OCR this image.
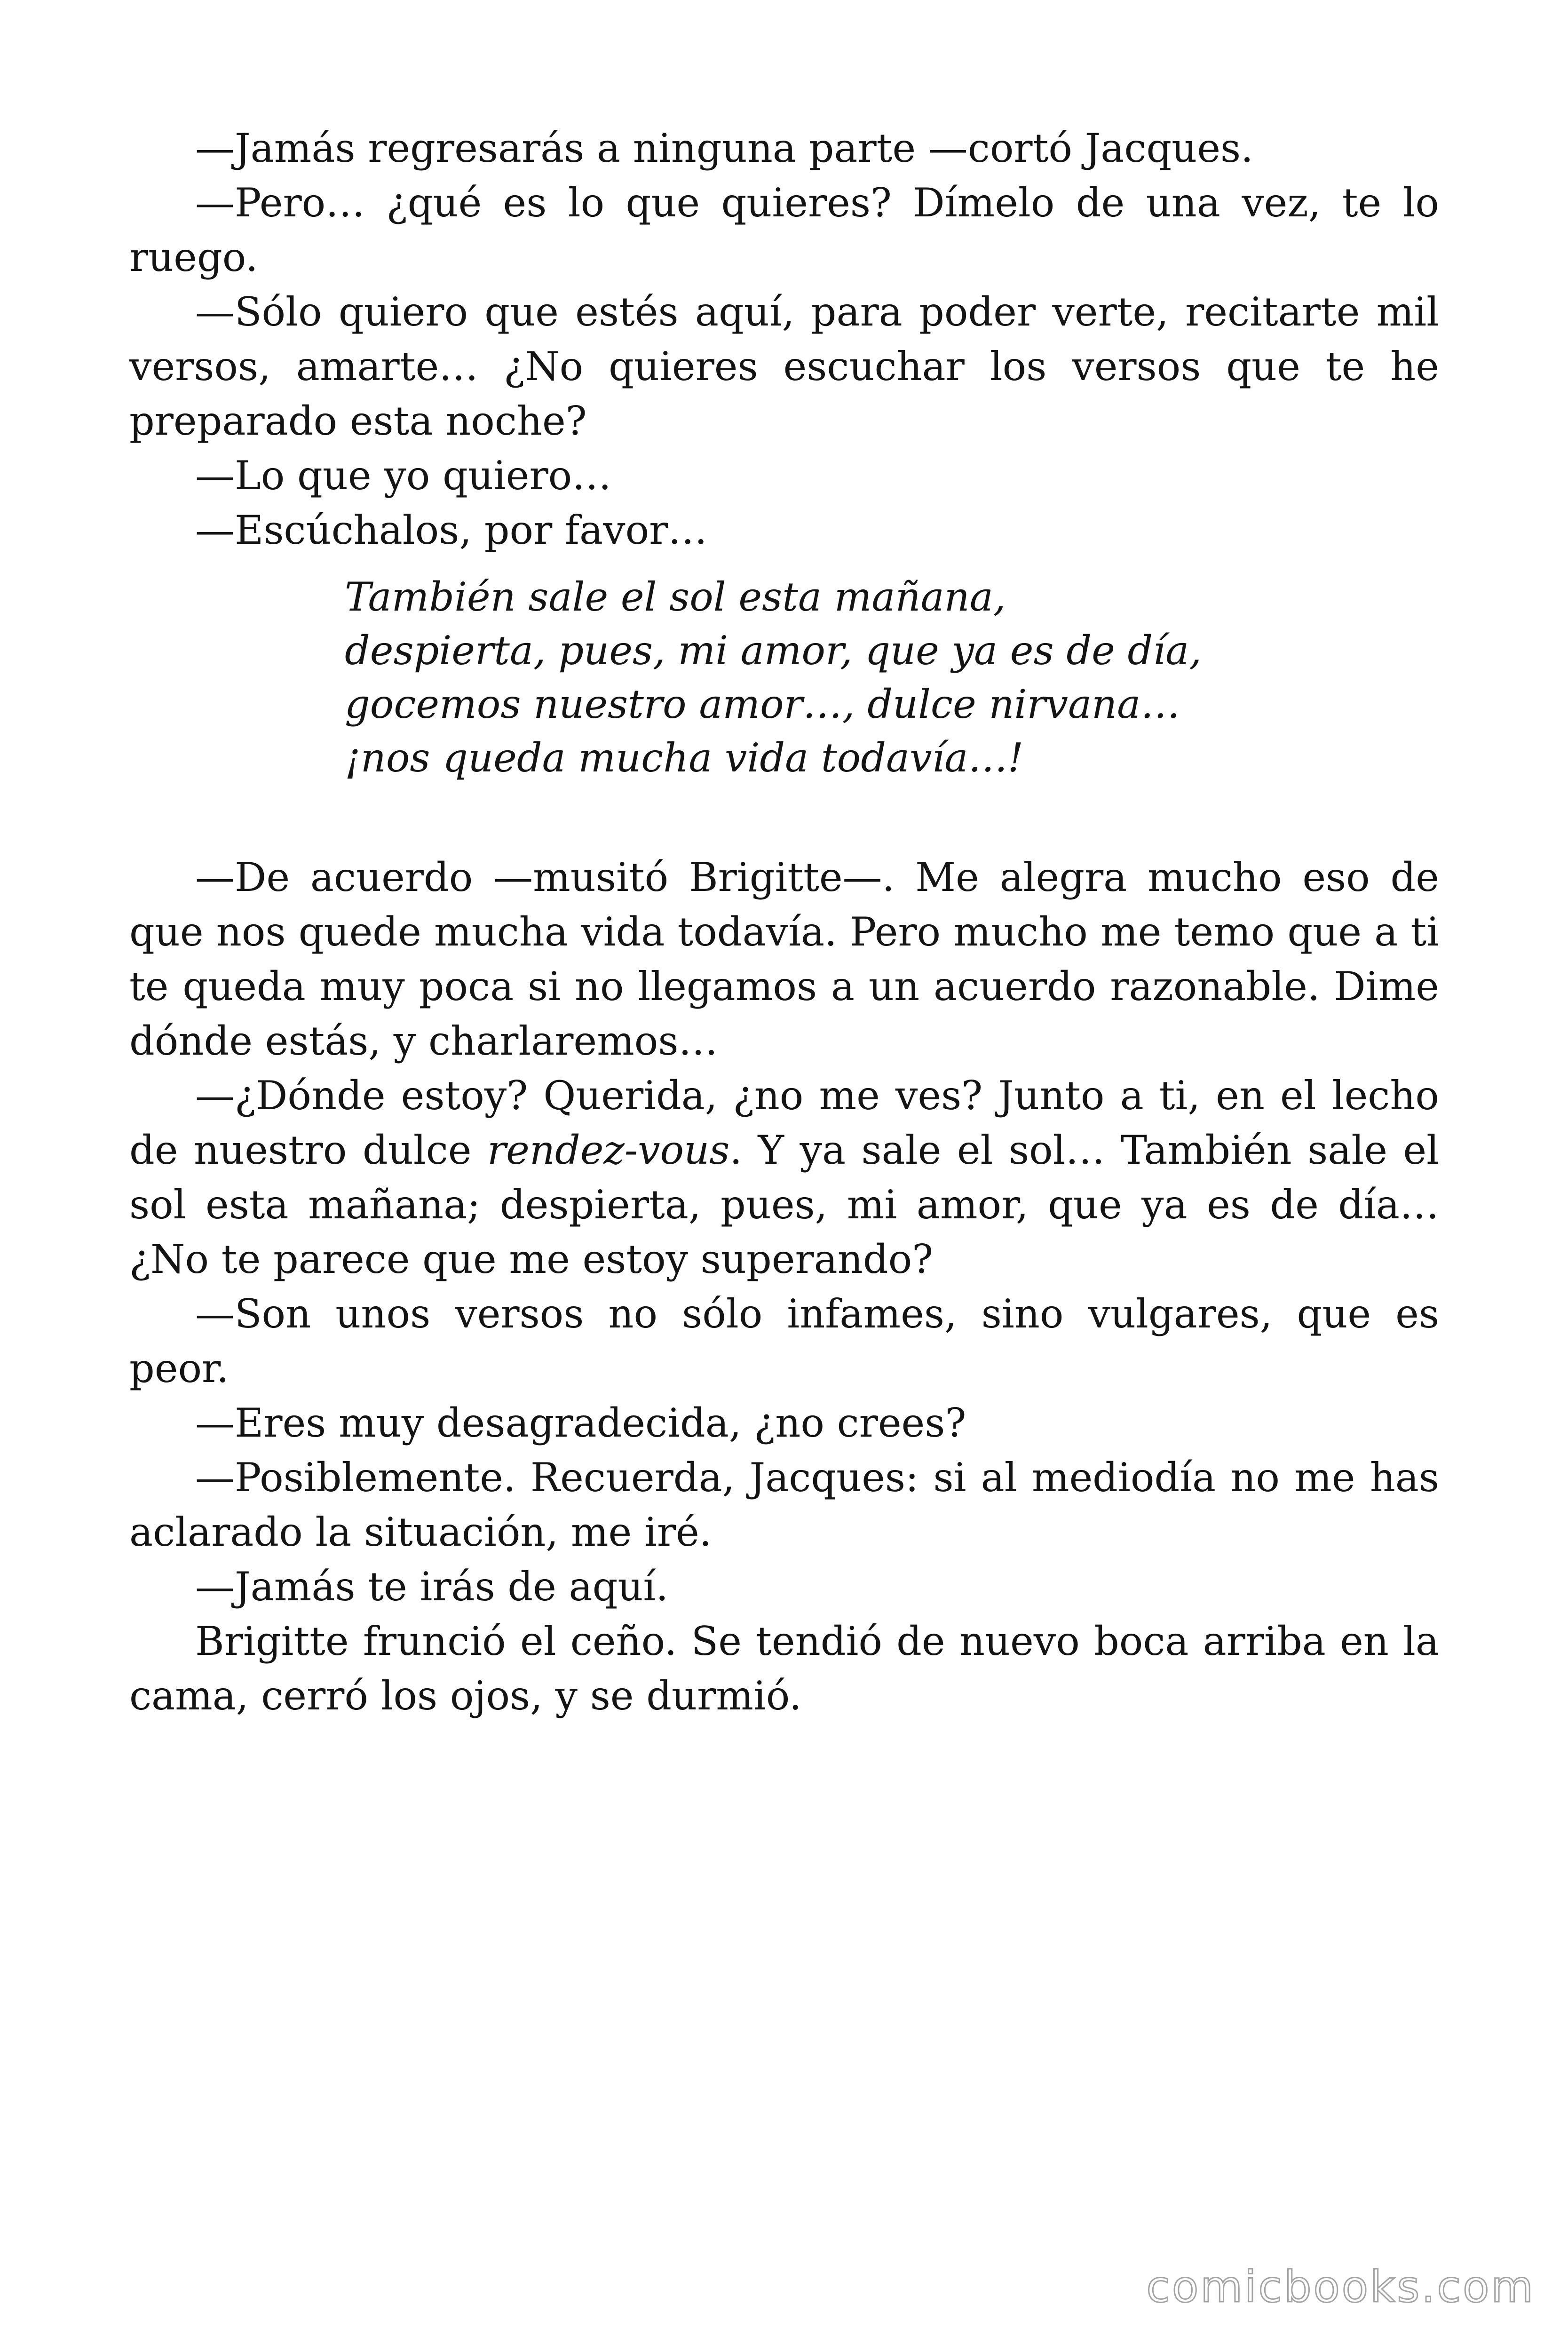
—Jamás regresarás a ninguna parte —cortó Jacques.

—Pero… ¿qué es lo que quieres? Dímelo de una vez, te lo ruego.

—Sólo quiero que estés aquí, para poder verte, recitarte mil versos, amarte… ¿No quieres escuchar los versos que te he preparado esta noche?

—Lo que yo quiero…

—Escúchalos, por favor…

También sale el sol esta mañana,
despierta, pues, mi amor, que ya es de día,
gocemos nuestro amor…, dulce nirvana…
¡nos queda mucha vida todavía…!

—De acuerdo —musitó Brigitte—. Me alegra mucho eso de que nos quede mucha vida todavía. Pero mucho me temo que a ti te queda muy poca si no llegamos a un acuerdo razonable. Dime dónde estás, y charlaremos…

—¿Dónde estoy? Querida, ¿no me ves? Junto a ti, en el lecho de nuestro dulce rendez-vous. Y ya sale el sol… También sale el sol esta mañana; despierta, pues, mi amor, que ya es de día… ¿No te parece que me estoy superando?

—Son unos versos no sólo infames, sino vulgares, que es peor.

—Eres muy desagradecida, ¿no crees?

—Posiblemente. Recuerda, Jacques: si al mediodía no me has aclarado la situación, me iré.

—Jamás te irás de aquí.

Brigitte frunció el ceño. Se tendió de nuevo boca arriba en la cama, cerró los ojos, y se durmió.

comicbooks.com
